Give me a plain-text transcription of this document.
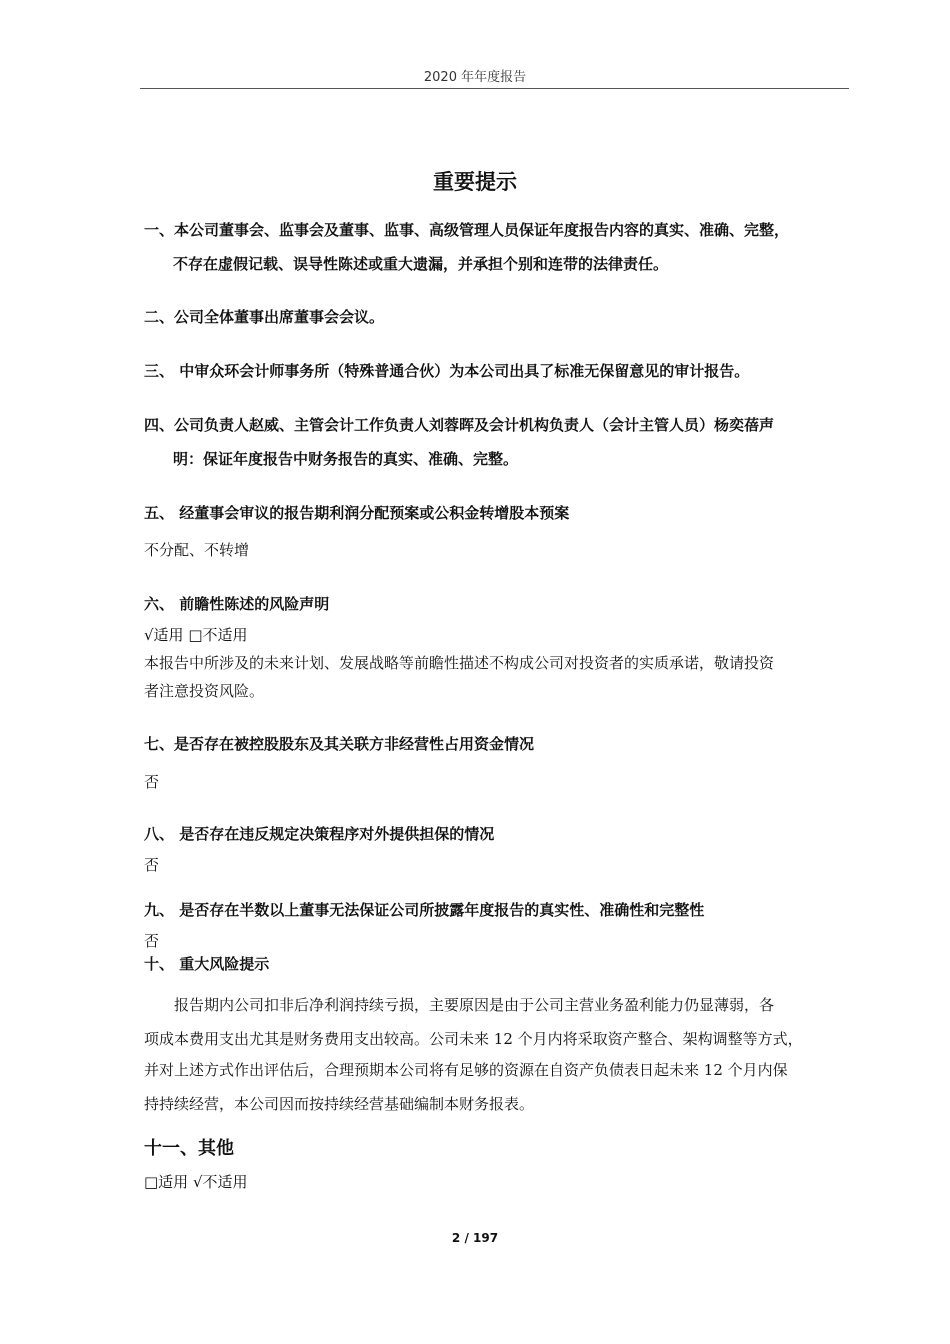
2020 年年度报告
重要提示
一、本公司董事会、监事会及董事、监事、高级管理人员保证年度报告内容的真实、准确、完整，
不存在虚假记载、误导性陈述或重大遗漏，并承担个别和连带的法律责任。
二、公司全体董事出席董事会会议。
三、 中审众环会计师事务所（特殊普通合伙）为本公司出具了标准无保留意见的审计报告。
四、公司负责人赵威、主管会计工作负责人刘蓉晖及会计机构负责人（会计主管人员）杨奕蓓声
明：保证年度报告中财务报告的真实、准确、完整。
五、 经董事会审议的报告期利润分配预案或公积金转增股本预案
不分配、不转增
六、 前瞻性陈述的风险声明
√适用 □不适用
本报告中所涉及的未来计划、发展战略等前瞻性描述不构成公司对投资者的实质承诺，敬请投资
者注意投资风险。
七、是否存在被控股股东及其关联方非经营性占用资金情况
否
八、 是否存在违反规定决策程序对外提供担保的情况
否
九、 是否存在半数以上董事无法保证公司所披露年度报告的真实性、准确性和完整性
否
十、 重大风险提示
报告期内公司扣非后净利润持续亏损，主要原因是由于公司主营业务盈利能力仍显薄弱，各
项成本费用支出尤其是财务费用支出较高。公司未来 12 个月内将采取资产整合、架构调整等方式，
并对上述方式作出评估后，合理预期本公司将有足够的资源在自资产负债表日起未来 12 个月内保
持持续经营，本公司因而按持续经营基础编制本财务报表。
十一、其他
□适用 √不适用
2 / 197
